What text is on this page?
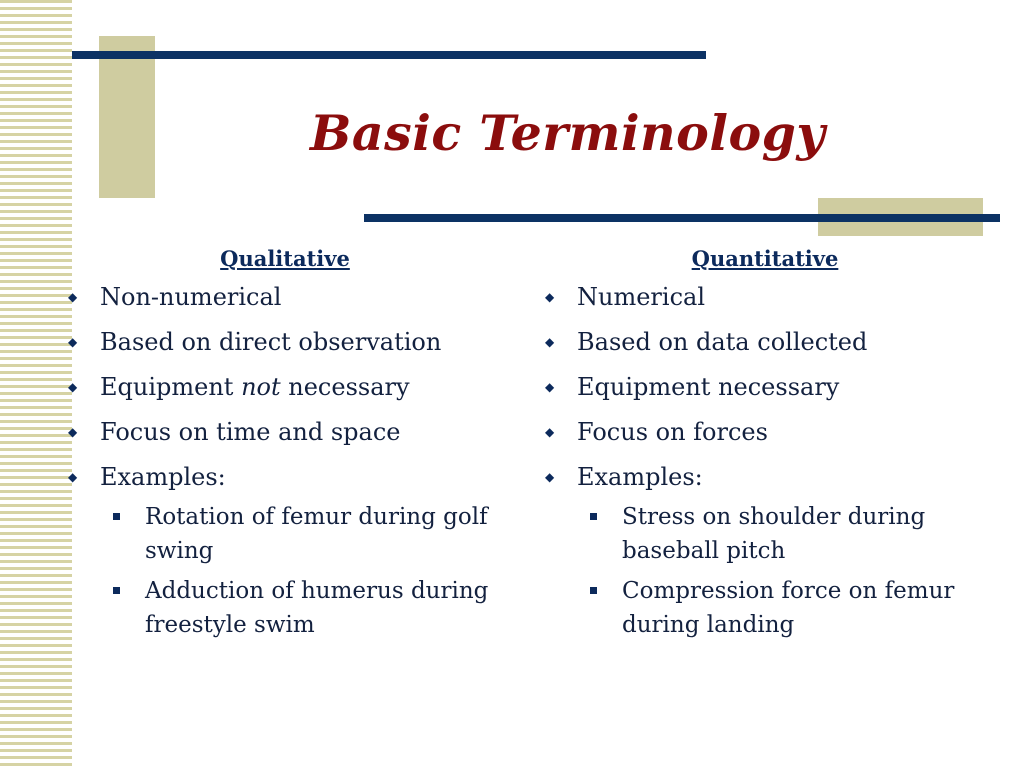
Basic Terminology
Qualitative
◆ Non-numerical
◆ Based on direct observation
◆ Equipment not necessary
◆ Focus on time and space
◆ Examples:
Rotation of femur during golf swing
Adduction of humerus during freestyle swim
Quantitative
◆ Numerical
◆ Based on data collected
◆ Equipment necessary
◆ Focus on forces
◆ Examples:
Stress on shoulder during baseball pitch
Compression force on femur during landing
